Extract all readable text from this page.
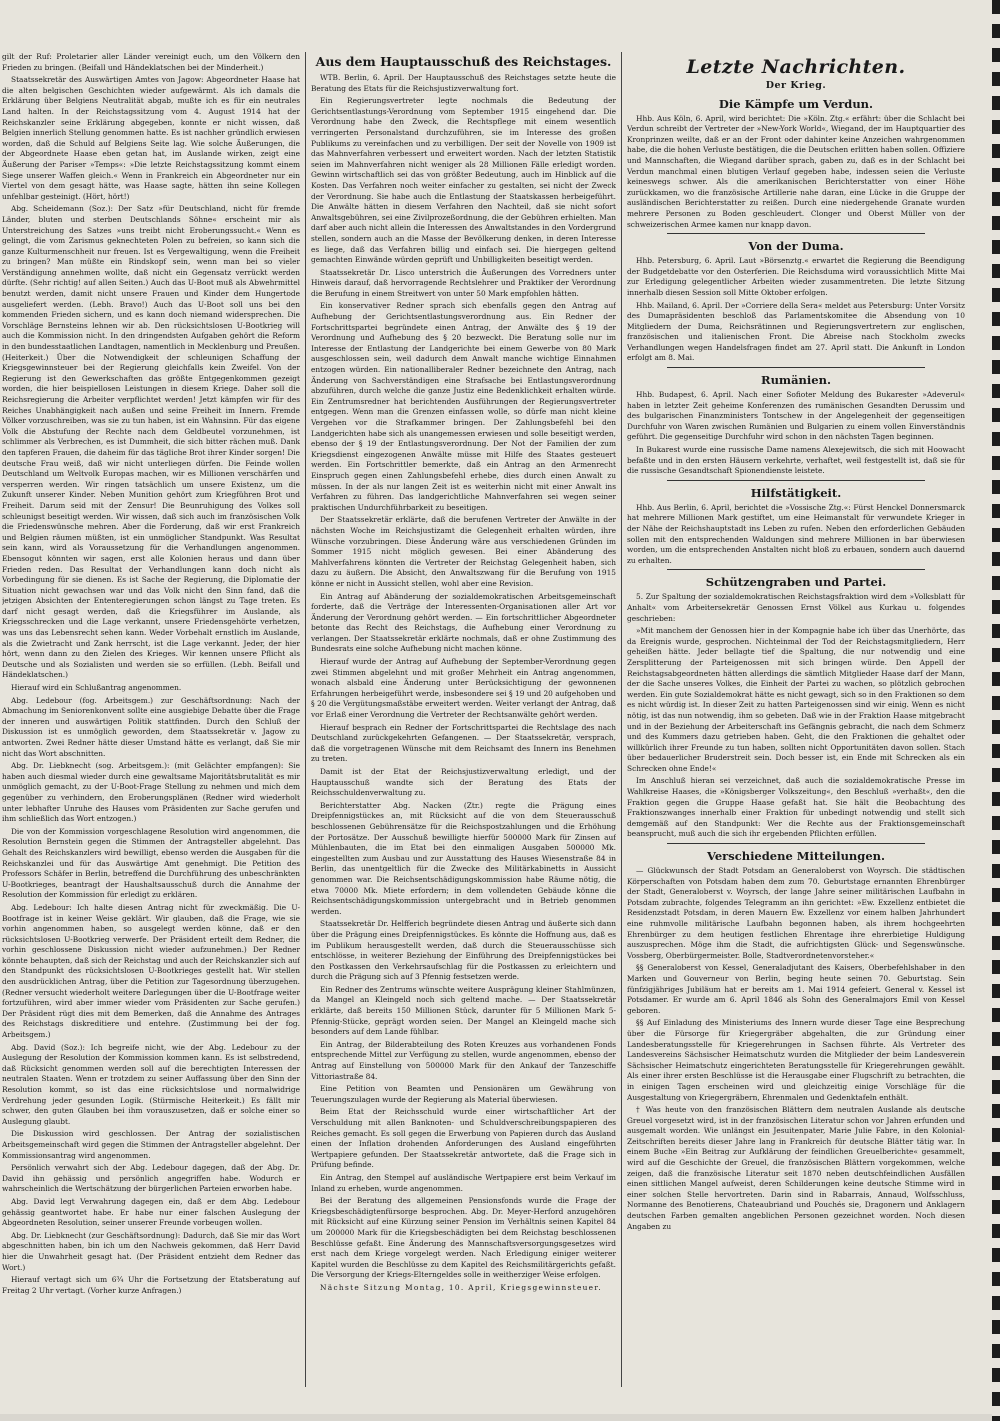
gilt der Ruf: Proletarier aller Länder vereinigt euch, um den Völkern den Frieden zu bringen. (Beifall und Händeklatschen bei der Minderheit.)

Staatssekretär des Auswärtigen Amtes von Jagow: Abgeordneter Haase hat die alten belgischen Geschichten wieder aufgewärmt. Als ich damals die Erklärung über Belgiens Neutralität abgab, mußte ich es für ein neutrales Land halten. In der Reichstagssitzung vom 4. August 1914 hat der Reichskanzler seine Erklärung abgegeben, konnte er nicht wissen, daß Belgien innerlich Stellung genommen hatte. Es ist nachher gründlich erwiesen worden, daß die Schuld auf Belgiens Seite lag. Wie solche Äußerungen, die der Abgeordnete Haase eben getan hat, im Auslande wirken, zeigt eine Äußerung der Pariser »Temps«: »Die letzte Reichstagssitzung kommt einem Siege unserer Waffen gleich.« Wenn in Frankreich ein Abgeordneter nur ein Viertel von dem gesagt hätte, was Haase sagte, hätten ihn seine Kollegen unfehlbar gesteinigt. (Hört, hört!)

Abg. Scheidemann (Soz.): Der Satz »für Deutschland, nicht für fremde Länder, bluten und sterben Deutschlands Söhne« erscheint mir als Unterstreichung des Satzes »uns treibt nicht Eroberungssucht.« Wenn es gelingt, die vom Zarismus geknechteten Polen zu befreien, so kann sich die ganze Kulturmenschheit nur freuen. Ist es Vergewaltigung, wenn die Freiheit zu bringen? Man müßte ein Rindskopf sein, wenn man bei so vieler Verständigung annehmen wollte, daß nicht ein Gegensatz verrückt werden dürfte. (Sehr richtig! auf allen Seiten.) Auch das U-Boot muß als Abwehrmittel benutzt werden, damit nicht unsere Frauen und Kinder dem Hungertode ausgeliefert werden. (Lebh. Bravo!) Auch das U-Boot soll uns bei den kommenden Frieden sichern, und es kann doch niemand widersprechen. Die Vorschläge Bernsteins lehnen wir ab. Den rücksichtslosen U-Bootkrieg will auch die Kommission nicht. In den dringendsten Aufgaben gehört die Reform in den bundesstaatlichen Landtagen, namentlich in Mecklenburg und Preußen. (Heiterkeit.) Über die Notwendigkeit der schleunigen Schaffung der Kriegsgewinnsteuer bei der Regierung gleichfalls kein Zweifel. Von der Regierung ist den Gewerkschaften das größte Entgegenkommen gezeigt worden, die hier beispiellosen Leistungen in diesem Kriege. Daher soll die Reichsregierung die Arbeiter verpflichtet werden! Jetzt kämpfen wir für des Reiches Unabhängigkeit nach außen und seine Freiheit im Innern. Fremde Völker vorzuschreiben, was sie zu tun haben, ist ein Wahnsinn. Für das eigene Volk die Abstufung der Rechte nach dem Geldbeutel vorzunehmen, ist schlimmer als Verbrechen, es ist Dummheit, die sich bitter rächen muß. Dank den tapferen Frauen, die daheim für das tägliche Brot ihrer Kinder sorgen! Die deutsche Frau weiß, daß wir nicht unterliegen dürfen. Die Feinde wollen Deutschland um Weltvolk Europas machen, wir es Millionen verschärfen und versperren werden. Wir ringen tatsächlich um unsere Existenz, um die Zukunft unserer Kinder. Neben Munition gehört zum Kriegführen Brot und Freiheit. Darum seid mit der Zensur! Die Beunruhigung des Volkes soll schleunigst beseitigt werden. Wir wissen, daß sich auch im französischen Volk die Friedenswünsche mehren. Aber die Forderung, daß wir erst Frankreich und Belgien räumen müßten, ist ein unmöglicher Standpunkt. Was Resultat sein kann, wird als Voraussetzung für die Verhandlungen angenommen. Ebensogut könnten wir sagen, erst alle Kolonien heraus und dann über Frieden reden. Das Resultat der Verhandlungen kann doch nicht als Vorbedingung für sie dienen. Es ist Sache der Regierung, die Diplomatie der Situation nicht gewachsen war und das Volk nicht den Sinn fand, daß die jetzigen Absichten der Ententeregierungen schon längst zu Tage treten. Es darf nicht gesagt werden, daß die Kriegsführer im Auslande, als Kriegsschrecken und die Lage verkannt, unsere Friedensgehörte verhetzen, was uns das Lebensrecht sehen kann. Weder Vorbehalt ernstlich im Auslande, als die Zwietracht und Zank herrscht, ist die Lage verkannt. Jeder, der hier hört, wenn dann zu den Zielen des Krieges. Wir kennen unsere Pflicht als Deutsche und als Sozialisten und werden sie so erfüllen. (Lebh. Beifall und Händeklatschen.)

Hierauf wird ein Schlußantrag angenommen.

Abg. Ledebour (fog. Arbeitsgem.) zur Geschäftsordnung: Nach der Abmachung im Seniorenkonvent sollte eine ausgiebige Debatte über die Frage der inneren und auswärtigen Politik stattfinden. Durch den Schluß der Diskussion ist es unmöglich geworden, dem Staatssekretär v. Jagow zu antworten. Zwei Redner hätte dieser Umstand hätte es verlangt, daß Sie mir nicht das Wort abschnitten.

Abg. Dr. Liebknecht (sog. Arbeitsgem.): (mit Gelächter empfangen): Sie haben auch diesmal wieder durch eine gewaltsame Majoritätsbrutalität es mir unmöglich gemacht, zu der U-Boot-Frage Stellung zu nehmen und mich dem gegenüber zu verhindern, den Eroberungsplänen (Redner wird wiederholt unter lebhafter Unruhe des Hauses vom Präsidenten zur Sache gerufen und ihm schließlich das Wort entzogen.)

Die von der Kommission vorgeschlagene Resolution wird angenommen, die Resolution Bernstein gegen die Stimmen der Antragsteller abgelehnt. Das Gehalt des Reichskanzlers wird bewilligt, ebenso werden die Ausgaben für die Reichskanzlei und für das Auswärtige Amt genehmigt. Die Petition des Professors Schäfer in Berlin, betreffend die Durchführung des unbeschränkten U-Bootkrieges, beantragt der Haushaltsausschuß durch die Annahme der Resolution der Kommission für erledigt zu erklären.

Abg. Ledebour: Ich halte diesen Antrag nicht für zweckmäßig. Die U-Bootfrage ist in keiner Weise geklärt. Wir glauben, daß die Frage, wie sie vorhin angenommen haben, so ausgelegt werden könne, daß er den rücksichtslosen U-Bootkrieg verwerfe. Der Präsident erteilt dem Redner, die vorhin geschlossene Diskussion nicht wieder aufzunehmen.) Der Redner könnte behaupten, daß sich der Reichstag und auch der Reichskanzler sich auf den Standpunkt des rücksichtslosen U-Bootkrieges gestellt hat. Wir stellen den ausdrücklichen Antrag, über die Petition zur Tagesordnung überzugehen. (Redner versucht wiederholt weitere Darlegungen über die U-Bootfrage weiter fortzuführen, wird aber immer wieder vom Präsidenten zur Sache gerufen.) Der Präsident rügt dies mit dem Bemerken, daß die Annahme des Antrages des Reichstags diskreditiere und entehre. (Zustimmung bei der fog. Arbeitsgem.)

Abg. David (Soz.): Ich begreife nicht, wie der Abg. Ledebour zu der Auslegung der Resolution der Kommission kommen kann. Es ist selbstredend, daß Rücksicht genommen werden soll auf die berechtigten Interessen der neutralen Staaten. Wenn er trotzdem zu seiner Auffassung über den Sinn der Resolution kommt, so ist das eine rücksichtslose und normalwidrige Verdrehung jeder gesunden Logik. (Stürmische Heiterkeit.) Es fällt mir schwer, den guten Glauben bei ihm vorauszusetzen, daß er solche einer so Auslegung glaubt.

Die Diskussion wird geschlossen. Der Antrag der sozialistischen Arbeitsgemeinschaft wird gegen die Stimmen der Antragsteller abgelehnt. Der Kommissionsantrag wird angenommen.

Persönlich verwahrt sich der Abg. Ledebour dagegen, daß der Abg. Dr. David ihn gehässig und persönlich angegriffen habe. Wodurch er wahrscheinlich die Wertschätzung der bürgerlichen Parteien erworben habe.

Abg. David legt Verwahrung dagegen ein, daß er dem Abg. Ledebour gehässig geantwortet habe. Er habe nur einer falschen Auslegung der Abgeordneten Resolution, seiner unserer Freunde vorbeugen wollen.

Abg. Dr. Liebknecht (zur Geschäftsordnung): Dadurch, daß Sie mir das Wort abgeschnitten haben, bin ich um den Nachweis gekommen, daß Herr David hier die Unwahrheit gesagt hat. (Der Präsident entzieht dem Redner das Wort.)

Hierauf vertagt sich um 6¾ Uhr die Fortsetzung der Etatsberatung auf Freitag 2 Uhr vertagt. (Vorher kurze Anfragen.)

Aus dem Hauptausschuß des Reichstages.

WTB. Berlin, 6. April. Der Hauptausschuß des Reichstages setzte heute die Beratung des Etats für die Reichsjustizverwaltung fort.

Ein Regierungsvertreter legte nochmals die Bedeutung der Gerichtsentlastungs-Verordnung vom September 1915 eingehend dar. Die Verordnung habe den Zweck, die Rechtspflege mit einem wesentlich verringerten Personalstand durchzuführen, sie im Interesse des großen Publikums zu vereinfachen und zu verbilligen. Der seit der Novelle von 1909 ist das Mahnverfahren verbessert und erweitert worden. Nach der letzten Statistik seien im Mahnverfahren nicht weniger als 28 Millionen Fälle erledigt worden. Gewinn wirtschaftlich sei das von größter Bedeutung, auch im Hinblick auf die Kosten. Das Verfahren noch weiter einfacher zu gestalten, sei nicht der Zweck der Verordnung. Sie habe auch die Entlastung der Staatskassen herbeigeführt. Die Anwälte hätten in diesem Verfahren den Nachteil, daß sie nicht sofort Anwaltsgebühren, sei eine Zivilprozeßordnung, die der Gebühren erhielten. Man darf aber auch nicht allein die Interessen des Anwaltstandes in den Vordergrund stellen, sondern auch an die Masse der Bevölkerung denken, in deren Interesse es liege, daß das Verfahren billig und einfach sei. Die hiergegen geltend gemachten Einwände würden geprüft und Unbilligkeiten beseitigt werden.

Staatssekretär Dr. Lisco unterstrich die Äußerungen des Vorredners unter Hinweis darauf, daß hervorragende Rechtslehrer und Praktiker der Verordnung die Berufung in einem Streitwert von unter 50 Mark empfohlen hätten.

Ein konservativer Redner sprach sich ebenfalls gegen den Antrag auf Aufhebung der Gerichtsentlastungsverordnung aus. Ein Redner der Fortschrittspartei begründete einen Antrag, der Anwälte des § 19 der Verordnung und Aufhebung des § 20 bezweckt. Die Beratung solle nur im Interesse der Entlastung der Landgerichte bei einem Gewerbe von 80 Mark ausgeschlossen sein, weil dadurch dem Anwalt manche wichtige Einnahmen entzogen würden. Ein nationalliberaler Redner bezeichnete den Antrag, nach Änderung von Sachverständigen eine Strafsache bei Entlastungsverordnung abzuführen, durch welche die ganze Justiz eine Bedenklichkeit erhalten würde. Ein Zentrumsredner hat berichtenden Ausführungen der Regierungsvertreter entgegen. Wenn man die Grenzen einfassen wolle, so dürfe man nicht kleine Vergehen vor die Strafkammer bringen. Der Zahlungsbefehl bei den Landgerichten habe sich als unangemessen erwiesen und solle beseitigt werden, ebenso der § 19 der Entlastungsverordnung. Der Not der Familien der zum Kriegsdienst eingezogenen Anwälte müsse mit Hilfe des Staates gesteuert werden. Ein Fortschrittler bemerkte, daß ein Antrag an den Armenrecht Einspruch gegen einen Zahlungsbefehl erhebe, dies durch einen Anwalt zu müssen. In der als nur langen Zeit ist es weiterhin nicht mit einer Anwalt ins Verfahren zu führen. Das landgerichtliche Mahnverfahren sei wegen seiner praktischen Undurchführbarkeit zu beseitigen.

Der Staatssekretär erklärte, daß die berufenen Vertreter der Anwälte in der nächsten Woche im Reichsjustizamt die Gelegenheit erhalten würden, ihre Wünsche vorzubringen. Diese Änderung wäre aus verschiedenen Gründen im Sommer 1915 nicht möglich gewesen. Bei einer Abänderung des Mahlverfahrens könnten die Vertreter der Reichstag Gelegenheit haben, sich dazu zu äußern. Die Absicht, den Anwaltszwang für die Berufung von 1915 könne er nicht in Aussicht stellen, wohl aber eine Revision.

Ein Antrag auf Abänderung der sozialdemokratischen Arbeitsgemeinschaft forderte, daß die Verträge der Interessenten-Organisationen aller Art vor Änderung der Verordnung gehört werden. — Ein fortschrittlicher Abgeordneter betonte das Recht des Reichstags, die Aufhebung einer Verordnung zu verlangen. Der Staatssekretär erklärte nochmals, daß er ohne Zustimmung des Bundesrats eine solche Aufhebung nicht machen könne.

Hierauf wurde der Antrag auf Aufhebung der September-Verordnung gegen zwei Stimmen abgelehnt und mit großer Mehrheit ein Antrag angenommen, wonach alsbald eine Änderung unter Berücksichtigung der gewonnenen Erfahrungen herbeigeführt werde, insbesondere sei § 19 und 20 aufgehoben und § 20 die Vergütungsmaßstäbe erweitert werden. Weiter verlangt der Antrag, daß vor Erlaß einer Verordnung die Vertreter der Rechtsanwälte gehört werden.

Hierauf besprach ein Redner der Fortschrittspartei die Rechtslage des nach Deutschland zurückgekehrten Gefangenen. — Der Staatssekretär, versprach, daß die vorgetragenen Wünsche mit dem Reichsamt des Innern ins Benehmen zu treten.

Damit ist der Etat der Reichsjustizverwaltung erledigt, und der Hauptausschuß wandte sich der Beratung des Etats der Reichsschuldenverwaltung zu.

Berichterstatter Abg. Nacken (Ztr.) regte die Prägung eines Dreipfennigstückes an, mit Rücksicht auf die von dem Steuerausschuß beschlossenen Gebührensätze für die Reichspostzahlungen und die Erhöhung der Portosätze. Der Ausschuß bewilligte hierfür 500000 Mark für Zinsen auf Mühlenbauten, die im Etat bei den einmaligen Ausgaben 500000 Mk. eingestellten zum Ausbau und zur Ausstattung des Hauses Wiesenstraße 84 in Berlin, das unentgeltlich für die Zwecke des Militärkabinetts in Aussicht genommen war. Die Reichsentschädigungskommission habe Räume nötig, die etwa 70000 Mk. Miete erfordern; in dem vollendeten Gebäude könne die Reichsentschädigungskommission untergebracht und in Betrieb genommen werden.

Staatssekretär Dr. Helfferich begründete diesen Antrag und äußerte sich dann über die Prägung eines Dreipfennigstückes. Es könnte die Hoffnung aus, daß es im Publikum herausgestellt werden, daß durch die Steuerausschüsse sich entschlösse, in weiterer Beziehung der Einführung des Dreipfennigstückes bei den Postkassen den Verkehrsaufschlag für die Postkassen zu erleichtern und durch die Prägung sich auf 3 Pfennig festsetzen werde.

Ein Redner des Zentrums wünschte weitere Ausprägung kleiner Stahlmünzen, da Mangel an Kleingeld noch sich geltend mache. — Der Staatssekretär erklärte, daß bereits 150 Millionen Stück, darunter für 5 Millionen Mark 5-Pfennig-Stücke, geprägt worden seien. Der Mangel an Kleingeld mache sich besonders auf dem Lande fühlbar.

Ein Antrag, der Bilderabteilung des Roten Kreuzes aus vorhandenen Fonds entsprechende Mittel zur Verfügung zu stellen, wurde angenommen, ebenso der Antrag auf Einstellung von 500000 Mark für den Ankauf der Tanzeschiffe Vittoriastraße 84.

Eine Petition von Beamten und Pensionären um Gewährung von Teuerungszulagen wurde der Regierung als Material überwiesen.

Beim Etat der Reichsschuld wurde einer wirtschaftlicher Art der Verschuldung mit allen Banknoten- und Schuldverschreibungspapieren des Reiches gemacht. Es soll gegen die Erwerbung von Papieren durch das Ausland einen der Inflation drohenden Anforderungen des Ausland eingeführten Wertpapiere gefunden. Der Staatssekretär antwortete, daß die Frage sich in Prüfung befinde.

Ein Antrag, den Stempel auf ausländische Wertpapiere erst beim Verkauf im Inland zu erheben, wurde angenommen.

Bei der Beratung des allgemeinen Pensionsfonds wurde die Frage der Kriegsbeschädigtenfürsorge besprochen. Abg. Dr. Meyer-Herford anzugehören mit Rücksicht auf eine Kürzung seiner Pension im Verhältnis seinen Kapitel 84 um 200000 Mark für die Kriegsbeschädigten bei dem Reichstag beschlossenen Beschlüsse gefaßt. Eine Änderung des Mannschaftsversorgungsgesetzes wird erst nach dem Kriege vorgelegt werden. Nach Erledigung einiger weiterer Kapitel wurden die Beschlüsse zu dem Kapitel des Reichsmilitärgerichts gefaßt. Die Versorgung der Kriegs-Elterngeldes solle in weitherziger Weise erfolgen.

Nächste Sitzung Montag, 10. April, Kriegsgewinnsteuer.

Letzte Nachrichten.
Der Krieg.
Die Kämpfe um Verdun.

Hhb. Aus Köln, 6. April, wird berichtet: Die »Köln. Ztg.« erfährt: über die Schlacht bei Verdun schreibt der Vertreter der »New-York World«, Wiegand, der im Hauptquartier des Kronprinzen weilte, daß er an der Front oder dahinter keine Anzeichen wahrgenommen habe, die die hohen Verluste bestätigen, die die Deutschen erlitten haben sollen. Offiziere und Mannschaften, die Wiegand darüber sprach, gaben zu, daß es in der Schlacht bei Verdun manchmal einen blutigen Verlauf gegeben habe, indessen seien die Verluste keineswegs schwer. Als die amerikanischen Berichterstatter von einer Höhe zurückkamen, wo die französische Artillerie nahe daran, eine Lücke in die Gruppe der ausländischen Berichterstatter zu reißen. Durch eine niedergehende Granate wurden mehrere Personen zu Boden geschleudert. Clonger und Oberst Müller von der schweizerischen Armee kamen nur knapp davon.

Von der Duma.

Hhb. Petersburg, 6. April. Laut »Börsenztg.« erwartet die Regierung die Beendigung der Budgetdebatte vor den Osterferien. Die Reichsduma wird voraussichtlich Mitte Mai zur Erledigung gelegentlicher Arbeiten wieder zusammentreten. Die letzte Sitzung innerhalb diesen Session soll Mitte Oktober erfolgen.

Hhb. Mailand, 6. April. Der »Corriere della Sera« meldet aus Petersburg: Unter Vorsitz des Dumapräsidenten beschloß das Parlamentskomitee die Absendung von 10 Mitgliedern der Duma, Reichsrätinnen und Regierungsvertretern zur englischen, französischen und italienischen Front. Die Abreise nach Stockholm zwecks Verhandlungen wegen Handelsfragen findet am 27. April statt. Die Ankunft in London erfolgt am 8. Mai.

Rumänien.

Hhb. Budapest, 6. April. Nach einer Sofioter Meldung des Bukarester »Adeverul« haben in letzter Zeit geheime Konferenzen des rumänischen Gesandten Derussim und des bulgarischen Finanzministers Tontschew in der Angelegenheit der gegenseitigen Durchfuhr von Waren zwischen Rumänien und Bulgarien zu einem vollen Einverständnis geführt. Die gegenseitige Durchfuhr wird schon in den nächsten Tagen beginnen.

In Bukarest wurde eine russische Dame namens Alexejewitsch, die sich mit Hoowacht befaßte und in den ersten Häusern verkehrte, verhaftet, weil festgestellt ist, daß sie für die russische Gesandtschaft Spionendienste leistete.

Hilfstätigkeit.

Hhb. Aus Berlin, 6. April, berichtet die »Vossische Ztg.«: Fürst Henckel Donnersmarck hat mehrere Millionen Mark gestiftet, um eine Heimanstalt für verwundete Krieger in der Nähe der Reichshauptstadt ins Leben zu rufen. Neben den erforderlichen Gebäuden sollen mit den entsprechenden Waldungen sind mehrere Millionen in bar überwiesen worden, um die entsprechenden Anstalten nicht bloß zu erbauen, sondern auch dauernd zu erhalten.

Schützengraben und Partei.

5. Zur Spaltung der sozialdemokratischen Reichstagsfraktion wird dem »Volksblatt für Anhalt« vom Arbeitersekretär Genossen Ernst Völkel aus Kurkau u. folgendes geschrieben:

»Mit manchem der Genossen hier in der Kompagnie habe ich über das Unerhörte, das da Ereignis wurde, gesprochen. Nichteinmal der Tod der Reichstagsmitgliedern, Herr geheißen hätte. Jeder bellagte tief die Spaltung, die nur notwendig und eine Zersplitterung der Parteigenossen mit sich bringen würde. Den Appell der Reichstagsabgeordneten hätten allerdings die sämtlich Mitglieder Haase darf der Mann, der die Sache unseres Volkes, die Einheit der Partei zu wachen, so plötzlich gebrochen werden. Ein gute Sozialdemokrat hätte es nicht gewagt, sich so in den Fraktionen so dem es nicht würdig ist. In dieser Zeit zu hatten Parteigenossen sind wir einig. Wenn es nicht nötig, ist das nun notwendig, ihm so gebeten. Daß wie in der Fraktion Haase mitgebracht und in der Beziehung der Arbeiterschaft ins Gefängnis gebracht, die nach dem Schmerz und des Kummers dazu getrieben haben. Geht, die den Fraktionen die gehaltet oder willkürlich ihrer Freunde zu tun haben, sollten nicht Opportunitäten davon sollen. Stach über bedauerlicher Bruderstreit sein. Doch besser ist, ein Ende mit Schrecken als ein Schrecken ohne Ende!«

Im Anschluß hieran sei verzeichnet, daß auch die sozialdemokratische Presse im Wahlkreise Haases, die »Königsberger Volkszeitung«, den Beschluß »verhaßt«, den die Fraktion gegen die Gruppe Haase gefaßt hat. Sie hält die Beobachtung des Fraktionszwanges innerhalb einer Fraktion für unbedingt notwendig und stellt sich demgemäß auf den Standpunkt: Wer die Rechte aus der Fraktionsgemeinschaft beansprucht, muß auch die sich ihr ergebenden Pflichten erfüllen.

Verschiedene Mitteilungen.

— Glückwunsch der Stadt Potsdam an Generaloberst von Woyrsch. Die städtischen Körperschaften von Potsdam haben dem zum 70. Geburtstage ernannten Ehrenbürger der Stadt, Generaloberst v. Woyrsch, der lange Jahre seiner militärischen Laufbahn in Potsdam zubrachte, folgendes Telegramm an ihn gerichtet: »Ew. Exzellenz entbietet die Residenzstadt Potsdam, in deren Mauern Ew. Exzellenz vor einem halben Jahrhundert eine ruhmvolle militärische Laufbahn begonnen haben, als ihrem hochgeehrten Ehrenbürger zu dem heutigen festlichen Ehrentage ihre ehrerbietige Huldigung auszusprechen. Möge ihm die Stadt, die aufrichtigsten Glück- und Segenswünsche. Vossberg, Oberbürgermeister. Bolle, Stadtverordnetenvorsteher.«

§§ Generaloberst von Kessel, Generaladjutant des Kaisers, Oberbefehlshaber in den Marken und Gouverneur von Berlin, beging heute seinen 70. Geburtstag. Sein fünfzigjähriges Jubiläum hat er bereits am 1. Mai 1914 gefeiert. General v. Kessel ist Potsdamer. Er wurde am 6. April 1846 als Sohn des Generalmajors Emil von Kessel geboren.

§§ Auf Einladung des Ministeriums des Innern wurde dieser Tage eine Besprechung über die Fürsorge für Kriegergräber abgehalten, die zur Gründung einer Landesberatungsstelle für Kriegerehrungen in Sachsen führte. Als Vertreter des Landesvereins Sächsischer Heimatschutz wurden die Mitglieder der beim Landesverein Sächsischer Heimatschutz eingerichteten Beratungsstelle für Kriegerehrungen gewählt. Als einer ihrer ersten Beschlüsse ist die Herausgabe einer Flugschrift zu betrachten, die in einigen Tagen erscheinen wird und gleichzeitig einige Vorschläge für die Ausgestaltung von Kriegergräbern, Ehrenmalen und Gedenktafeln enthält.

† Was heute von den französischen Blättern dem neutralen Auslande als deutsche Greuel vorgesetzt wird, ist in der französischen Literatur schon vor Jahren erfunden und ausgemalt worden. Wie unlängst ein Jesuitenpater, Marie Julie Fabre, in den Kolonial-Zeitschriften bereits dieser Jahre lang in Frankreich für deutsche Blätter tätig war. In einem Buche »Ein Beitrag zur Aufklärung der feindlichen Greuelberichte« gesammelt, wird auf die Geschichte der Greuel, die französischen Blättern vorgekommen, welche zeigen, daß die französische Literatur seit 1870 neben deutschfeindlichen Ausfällen einen sittlichen Mangel aufweist, deren Schilderungen keine deutsche Stimme wird in einer solchen Stelle hervortreten. Darin sind in Rabarrais, Annaud, Wolfsschluss, Normanne des Benotierens, Chateaubriand und Pouchés sie, Dragonern und Anklagern deutschen Farben gemalten angeblichen Personen gezeichnet worden. Noch diesen Angaben zu
